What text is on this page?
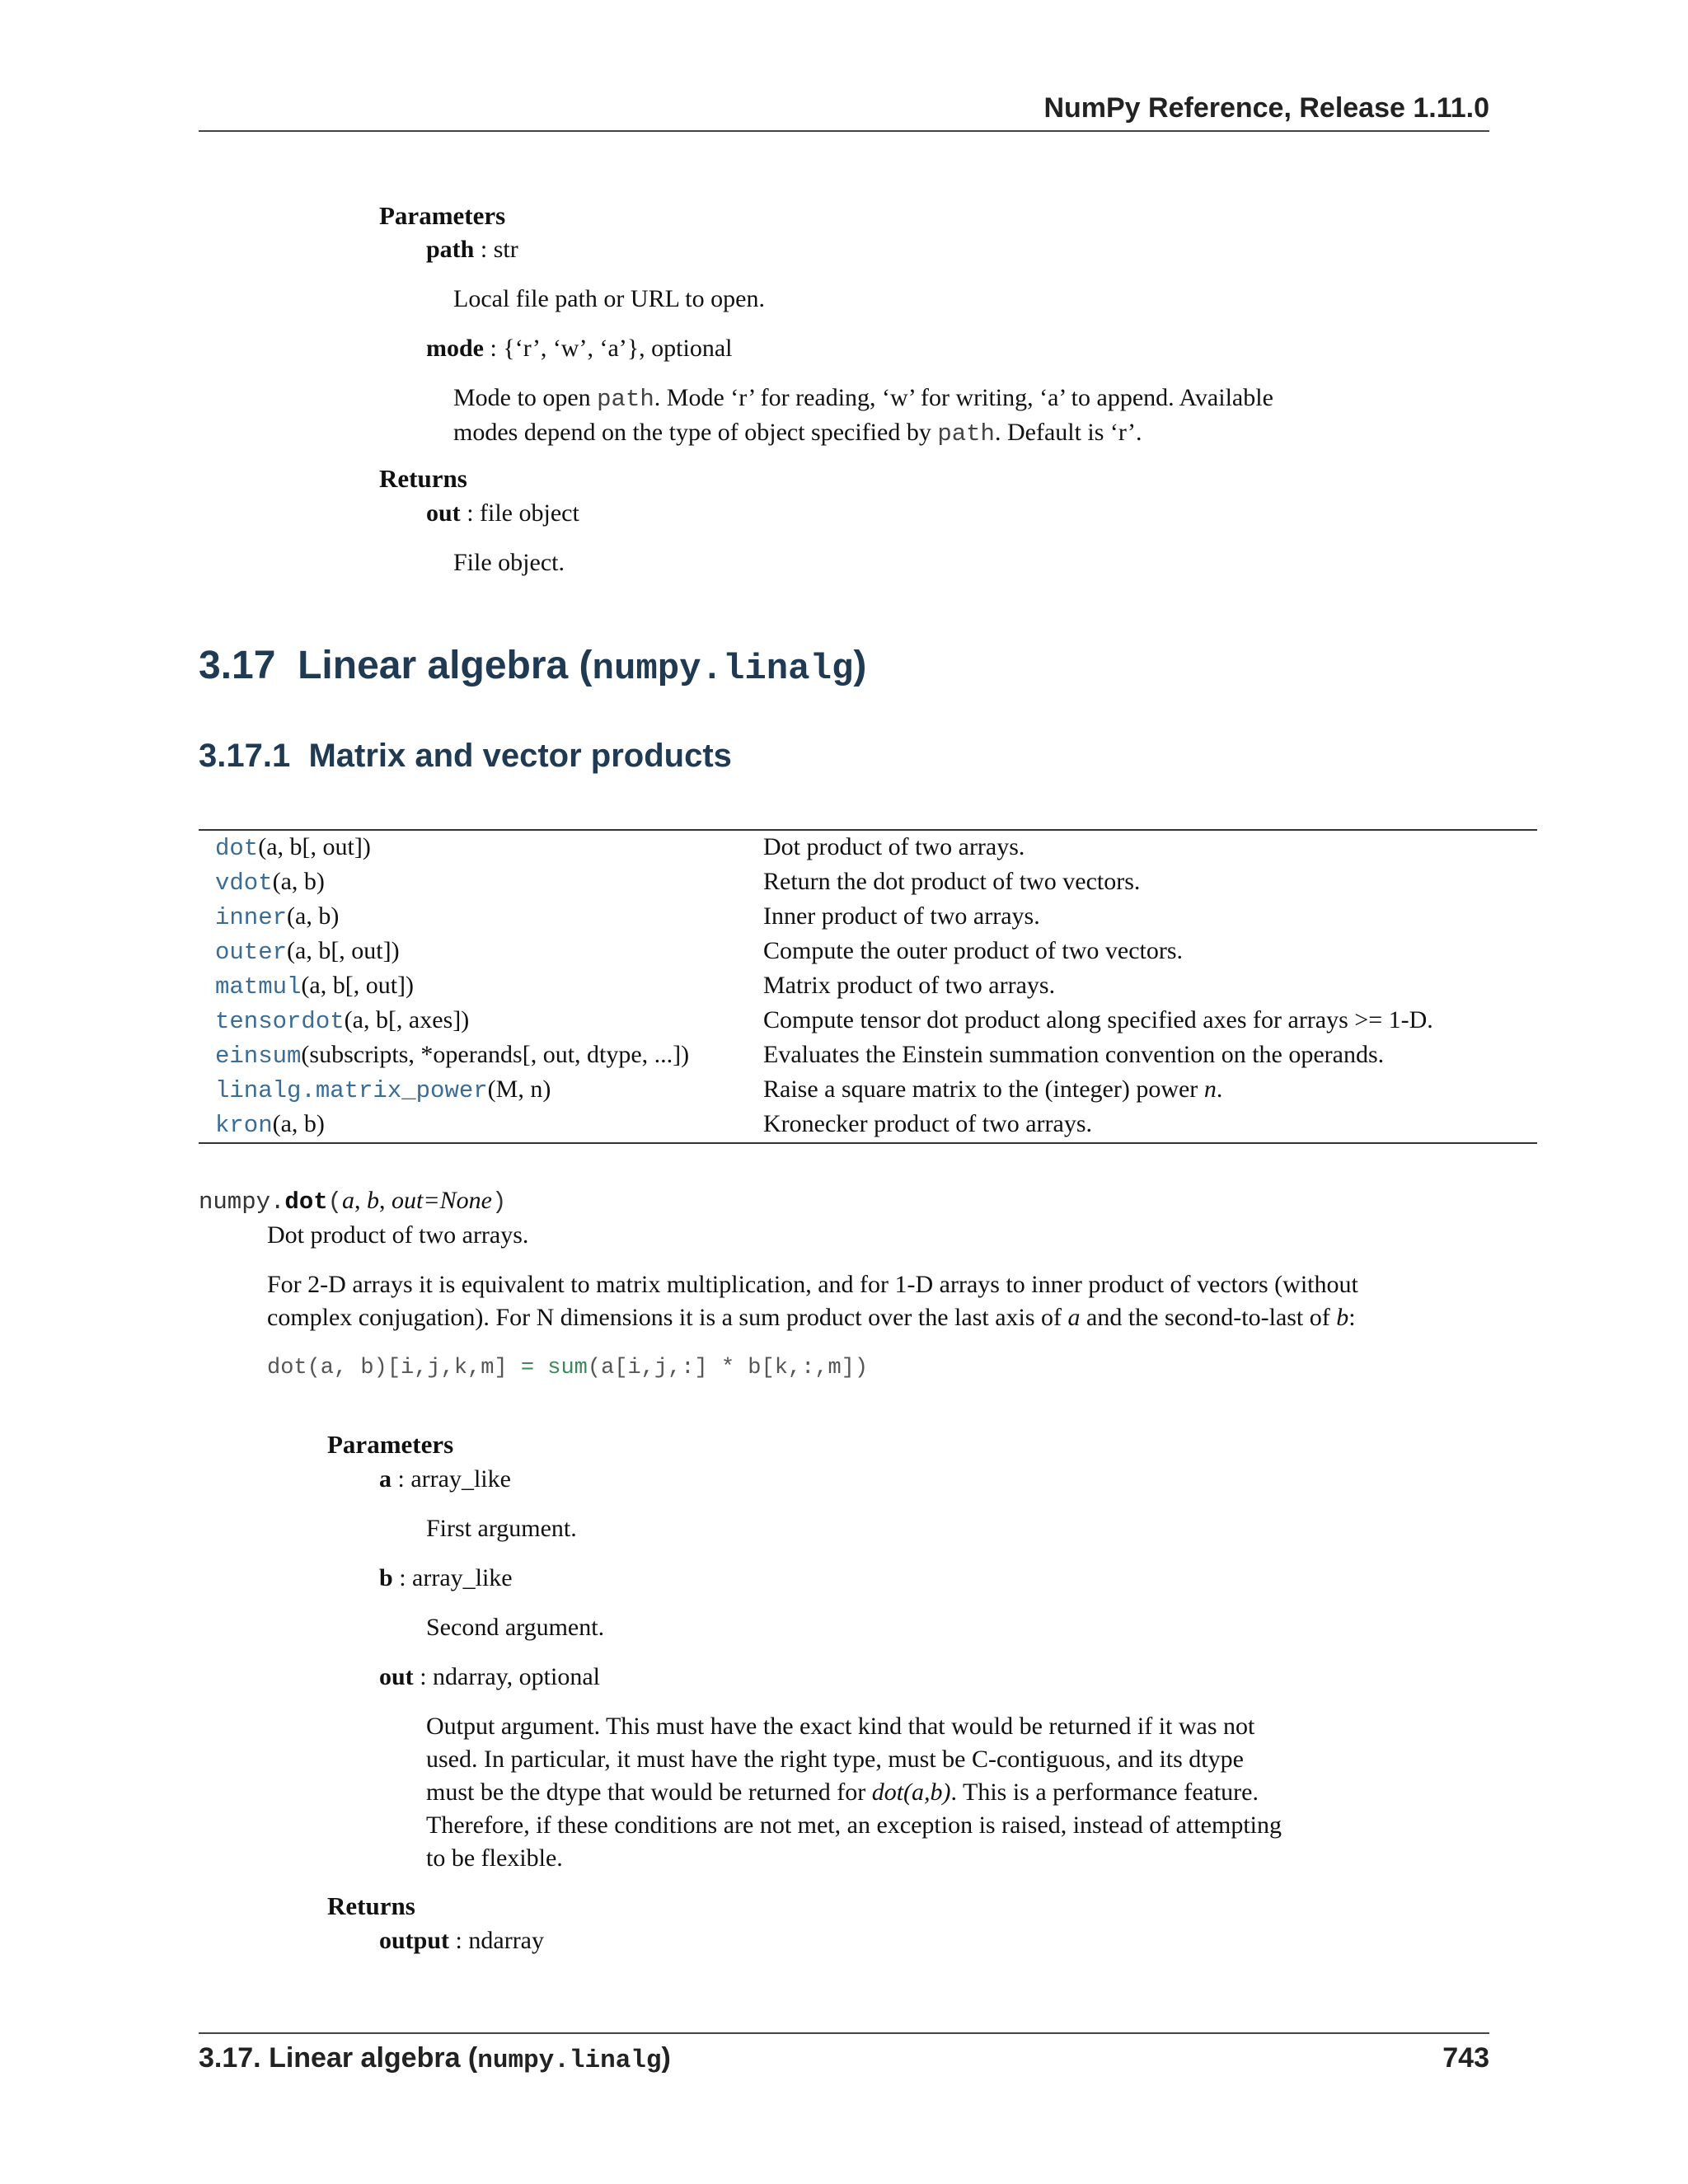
NumPy Reference, Release 1.11.0
Parameters
path : str
Local file path or URL to open.
mode : {‘r’, ‘w’, ‘a’}, optional
Mode to open path. Mode ‘r’ for reading, ‘w’ for writing, ‘a’ to append. Available
modes depend on the type of object specified by path. Default is ‘r’.
Returns
out : file object
File object.
3.17 Linear algebra (numpy.linalg)
3.17.1 Matrix and vector products
dot(a, b[, out])	Dot product of two arrays.
vdot(a, b)	Return the dot product of two vectors.
inner(a, b)	Inner product of two arrays.
outer(a, b[, out])	Compute the outer product of two vectors.
matmul(a, b[, out])	Matrix product of two arrays.
tensordot(a, b[, axes])	Compute tensor dot product along specified axes for arrays >= 1-D.
einsum(subscripts, *operands[, out, dtype, ...])	Evaluates the Einstein summation convention on the operands.
linalg.matrix_power(M, n)	Raise a square matrix to the (integer) power n.
kron(a, b)	Kronecker product of two arrays.
numpy.dot(a, b, out=None)
Dot product of two arrays.
For 2-D arrays it is equivalent to matrix multiplication, and for 1-D arrays to inner product of vectors (without
complex conjugation). For N dimensions it is a sum product over the last axis of a and the second-to-last of b:
dot(a, b)[i,j,k,m] = sum(a[i,j,:] * b[k,:,m])
Parameters
a : array_like
First argument.
b : array_like
Second argument.
out : ndarray, optional
Output argument. This must have the exact kind that would be returned if it was not
used. In particular, it must have the right type, must be C-contiguous, and its dtype
must be the dtype that would be returned for dot(a,b). This is a performance feature.
Therefore, if these conditions are not met, an exception is raised, instead of attempting
to be flexible.
Returns
output : ndarray
3.17. Linear algebra (numpy.linalg)	743
